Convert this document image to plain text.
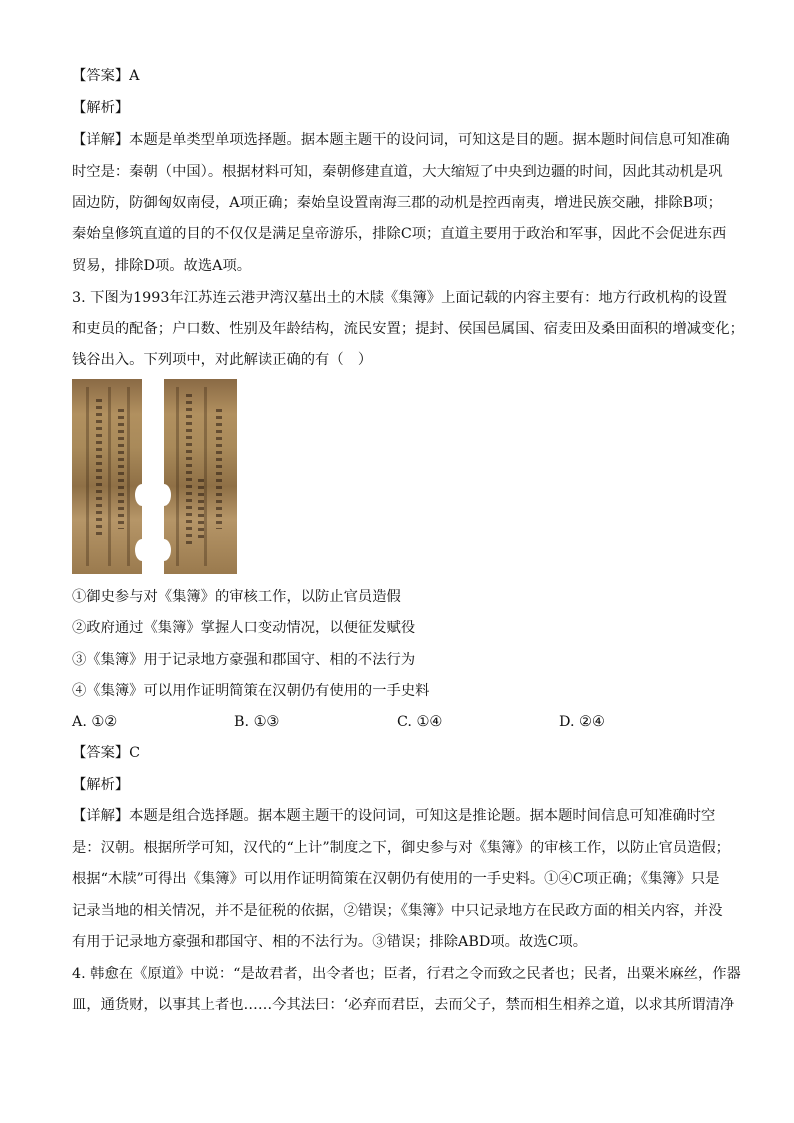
【答案】A
【解析】
【详解】本题是单类型单项选择题。据本题主题干的设问词，可知这是目的题。据本题时间信息可知准确
时空是：秦朝（中国）。根据材料可知，秦朝修建直道，大大缩短了中央到边疆的时间，因此其动机是巩
固边防，防御匈奴南侵，A项正确；秦始皇设置南海三郡的动机是控西南夷，增进民族交融，排除B项；
秦始皇修筑直道的目的不仅仅是满足皇帝游乐，排除C项；直道主要用于政治和军事，因此不会促进东西
贸易，排除D项。故选A项。
3. 下图为1993年江苏连云港尹湾汉墓出土的木牍《集簿》上面记载的内容主要有：地方行政机构的设置
和吏员的配备；户口数、性别及年龄结构，流民安置；提封、侯国邑属国、宿麦田及桑田面积的增减变化；
钱谷出入。下列项中，对此解读正确的有（　）
①御史参与对《集簿》的审核工作，以防止官员造假
②政府通过《集簿》掌握人口变动情况，以便征发赋役
③《集簿》用于记录地方豪强和郡国守、相的不法行为
④《集簿》可以用作证明简策在汉朝仍有使用的一手史料
A. ①②	B. ①③	C. ①④	D. ②④
【答案】C
【解析】
【详解】本题是组合选择题。据本题主题干的设问词，可知这是推论题。据本题时间信息可知准确时空
是：汉朝。根据所学可知，汉代的“上计”制度之下，御史参与对《集簿》的审核工作，以防止官员造假；
根据“木牍”可得出《集簿》可以用作证明简策在汉朝仍有使用的一手史料。①④C项正确；《集簿》只是
记录当地的相关情况，并不是征税的依据，②错误；《集簿》中只记录地方在民政方面的相关内容，并没
有用于记录地方豪强和郡国守、相的不法行为。③错误；排除ABD项。故选C项。
4. 韩愈在《原道》中说：“是故君者，出令者也；臣者，行君之令而致之民者也；民者，出粟米麻丝，作器
皿，通货财，以事其上者也……今其法曰：‘必弃而君臣，去而父子，禁而相生相养之道，以求其所谓清净
